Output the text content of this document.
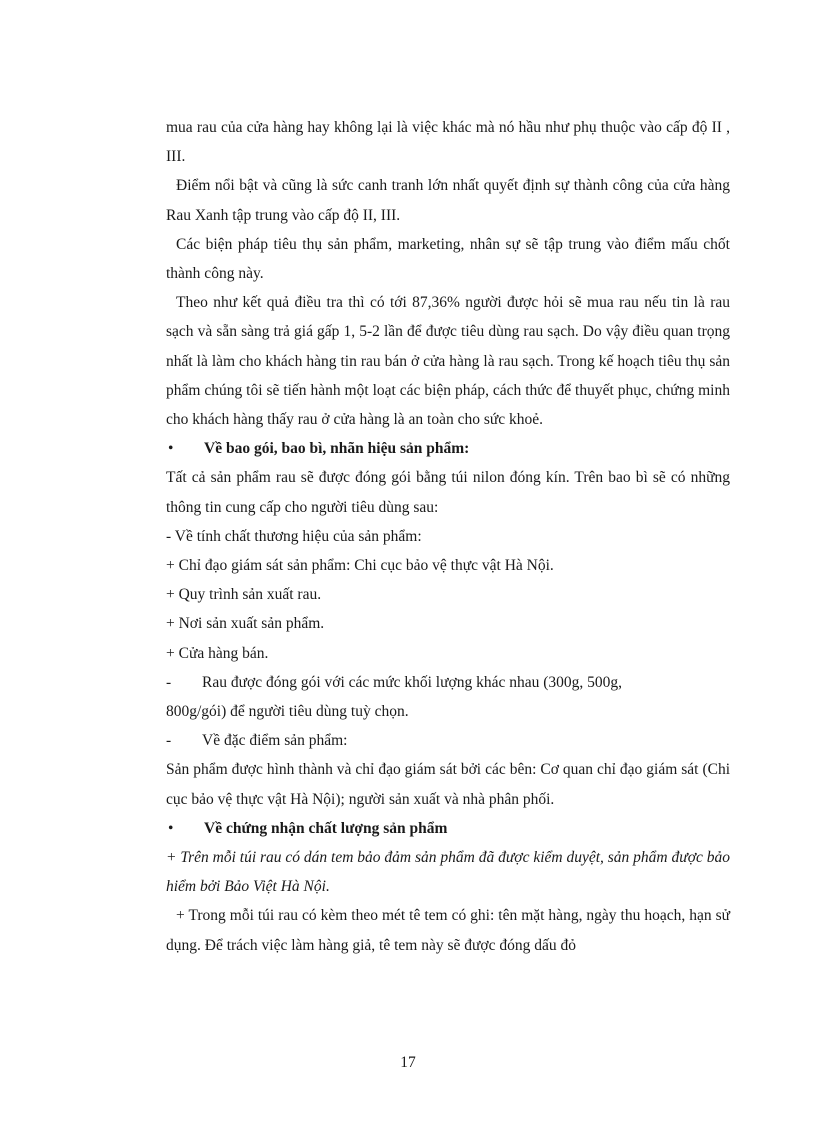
mua rau của cửa hàng hay không lại là việc khác mà nó hầu như phụ thuộc vào cấp độ II , III.

Điểm nổi bật và cũng là sức canh tranh lớn nhất quyết định sự thành công của cửa hàng Rau Xanh tập trung vào cấp độ II, III.

Các biện pháp tiêu thụ sản phẩm, marketing, nhân sự sẽ tập trung vào điểm mấu chốt thành công này.

Theo như kết quả điều tra thì có tới 87,36% người được hỏi sẽ mua rau nếu tin là rau sạch và sẵn sàng trả giá gấp 1, 5-2 lần để được tiêu dùng rau sạch. Do vậy điều quan trọng nhất là làm cho khách hàng tin rau bán ở cửa hàng là rau sạch. Trong kế hoạch tiêu thụ sản phẩm chúng tôi sẽ tiến hành một loạt các biện pháp, cách thức để thuyết phục, chứng minh cho khách hàng thấy rau ở cửa hàng là an toàn cho sức khoẻ.

•	Về bao gói, bao bì, nhãn hiệu sản phẩm:

Tất cả sản phẩm rau sẽ được đóng gói bằng túi nilon đóng kín. Trên bao bì sẽ có những thông tin cung cấp cho người tiêu dùng sau:

- Về tính chất thương hiệu của sản phẩm:

+ Chỉ đạo giám sát sản phẩm: Chi cục bảo vệ thực vật Hà Nội.

+ Quy trình sản xuất rau.

+ Nơi sản xuất sản phẩm.

+ Cửa hàng bán.

-	Rau được đóng gói với các mức khối lượng khác nhau (300g, 500g,

800g/gói) để người tiêu dùng tuỳ chọn.

-	Về đặc điểm sản phẩm:

Sản phẩm được hình thành và chỉ đạo giám sát bởi các bên: Cơ quan chỉ đạo giám sát (Chi cục bảo vệ thực vật Hà Nội); người sản xuất và nhà phân phối.

•	Về chứng nhận chất lượng sản phẩm

+ Trên mỗi túi rau có dán tem bảo đảm sản phẩm đã được kiểm duyệt, sản phẩm được bảo hiểm bởi Bảo Việt Hà Nội.

+ Trong mỗi túi rau có kèm theo mét tê tem có ghi: tên mặt hàng, ngày thu hoạch, hạn sử dụng. Để trách việc làm hàng giả, tê tem này sẽ được đóng dấu đỏ

17
